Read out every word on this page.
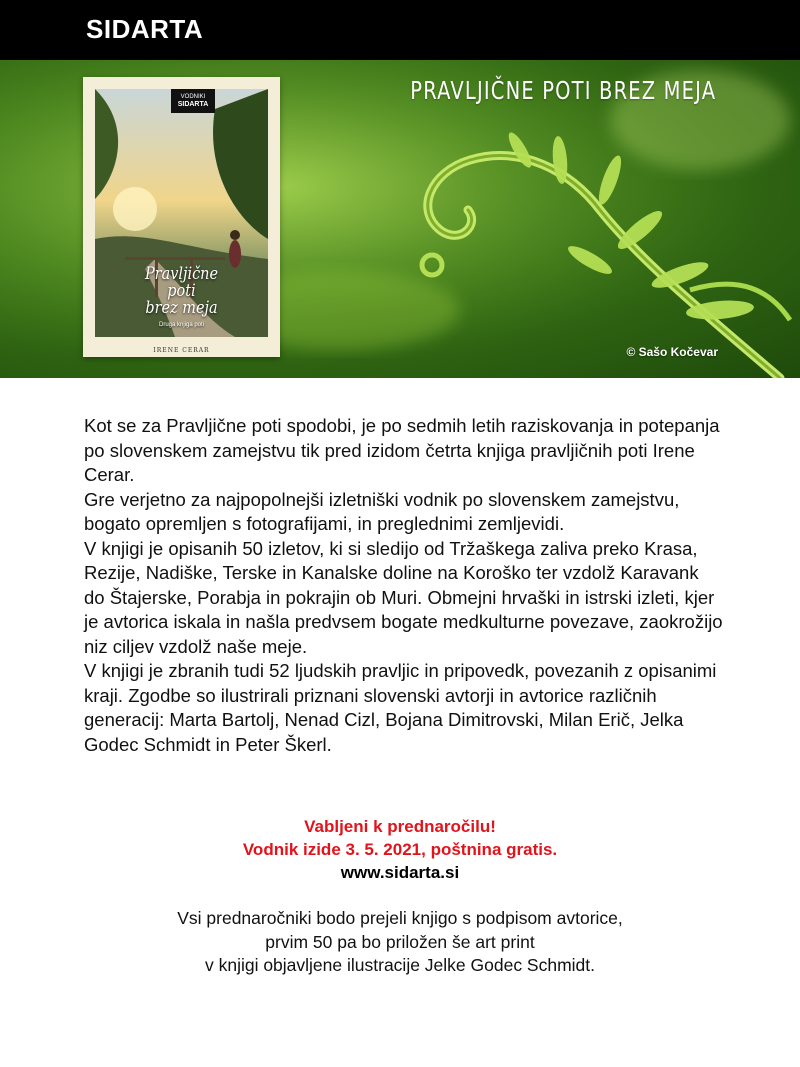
SIDARTA
PRAVLJIČNE POTI BREZ MEJA
© Sašo Kočevar
VODNIKI
SIDARTA
Pravljične
poti
brez meja
Druga knjiga poti
IRENE CERAR

Kot se za Pravljične poti spodobi, je po sedmih letih raziskovanja in potepanja po slovenskem zamejstvu tik pred izidom četrta knjiga pravljičnih poti Irene Cerar.

Gre verjetno za najpopolnejši izletniški vodnik po slovenskem zamejstvu, bogato opremljen s fotografijami, in preglednimi zemljevidi.

V knjigi je opisanih 50 izletov, ki si sledijo od Tržaškega zaliva preko Krasa, Rezije, Nadiške, Terske in Kanalske doline na Koroško ter vzdolž Karavank do Štajerske, Porabja in pokrajin ob Muri. Obmejni hrvaški in istrski izleti, kjer je avtorica iskala in našla predvsem bogate medkulturne povezave, zaokrožijo niz ciljev vzdolž naše meje.

V knjigi je zbranih tudi 52 ljudskih pravljic in pripovedk, povezanih z opisanimi kraji. Zgodbe so ilustrirali priznani slovenski avtorji in avtorice različnih generacij: Marta Bartolj, Nenad Cizl, Bojana Dimitrovski, Milan Erič, Jelka Godec Schmidt in Peter Škerl.

Vabljeni k prednaročilu!
Vodnik izide 3. 5. 2021, poštnina gratis.
www.sidarta.si
Vsi prednaročniki bodo prejeli knjigo s podpisom avtorice,
prvim 50 pa bo priložen še art print
v knjigi objavljene ilustracije Jelke Godec Schmidt.
